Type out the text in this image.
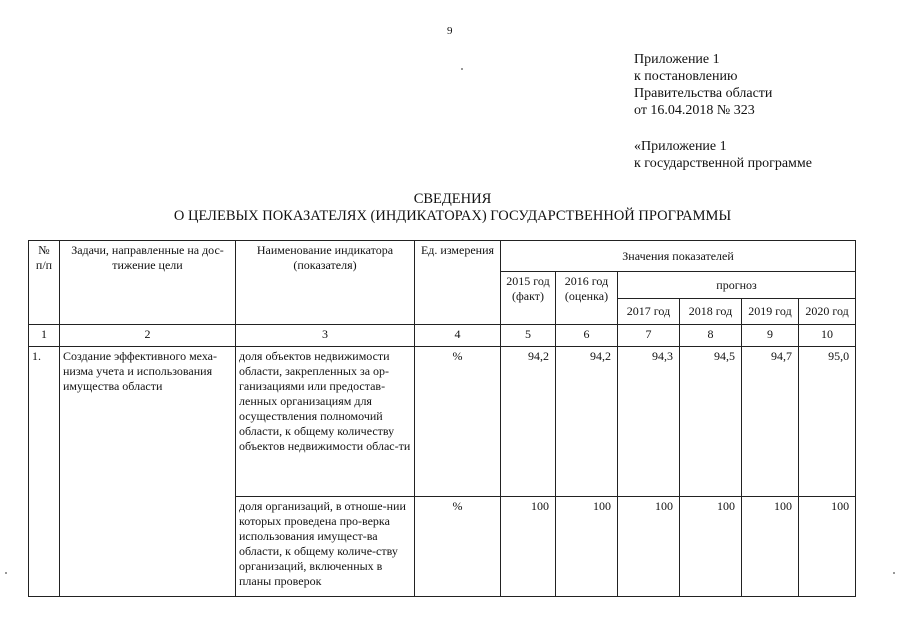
9
Приложение 1
к постановлению
Правительства области
от 16.04.2018 № 323
«Приложение 1
к государственной программе
СВЕДЕНИЯ
О ЦЕЛЕВЫХ ПОКАЗАТЕЛЯХ (ИНДИКАТОРАХ) ГОСУДАРСТВЕННОЙ ПРОГРАММЫ
№ п/п	Задачи, направленные на дос-тижение цели	Наименование индикатора (показателя)	Ед. измерения	Значения показателей					
				2015 год (факт)	2016 год (оценка)	прогноз			
						2017 год	2018 год	2019 год	2020 год
1	2	3	4	5	6	7	8	9	10
1.	Создание эффективного меха-низма учета и использования имущества области	доля объектов недвижимости области, закрепленных за ор-ганизациями или предостав-ленных организациям для осуществления полномочий области, к общему количеству объектов недвижимости облас-ти	%	94,2	94,2	94,3	94,5	94,7	95,0
		доля организаций, в отноше-нии которых проведена про-верка использования имущест-ва области, к общему количе-ству организаций, включенных в планы проверок	%	100	100	100	100	100	100
